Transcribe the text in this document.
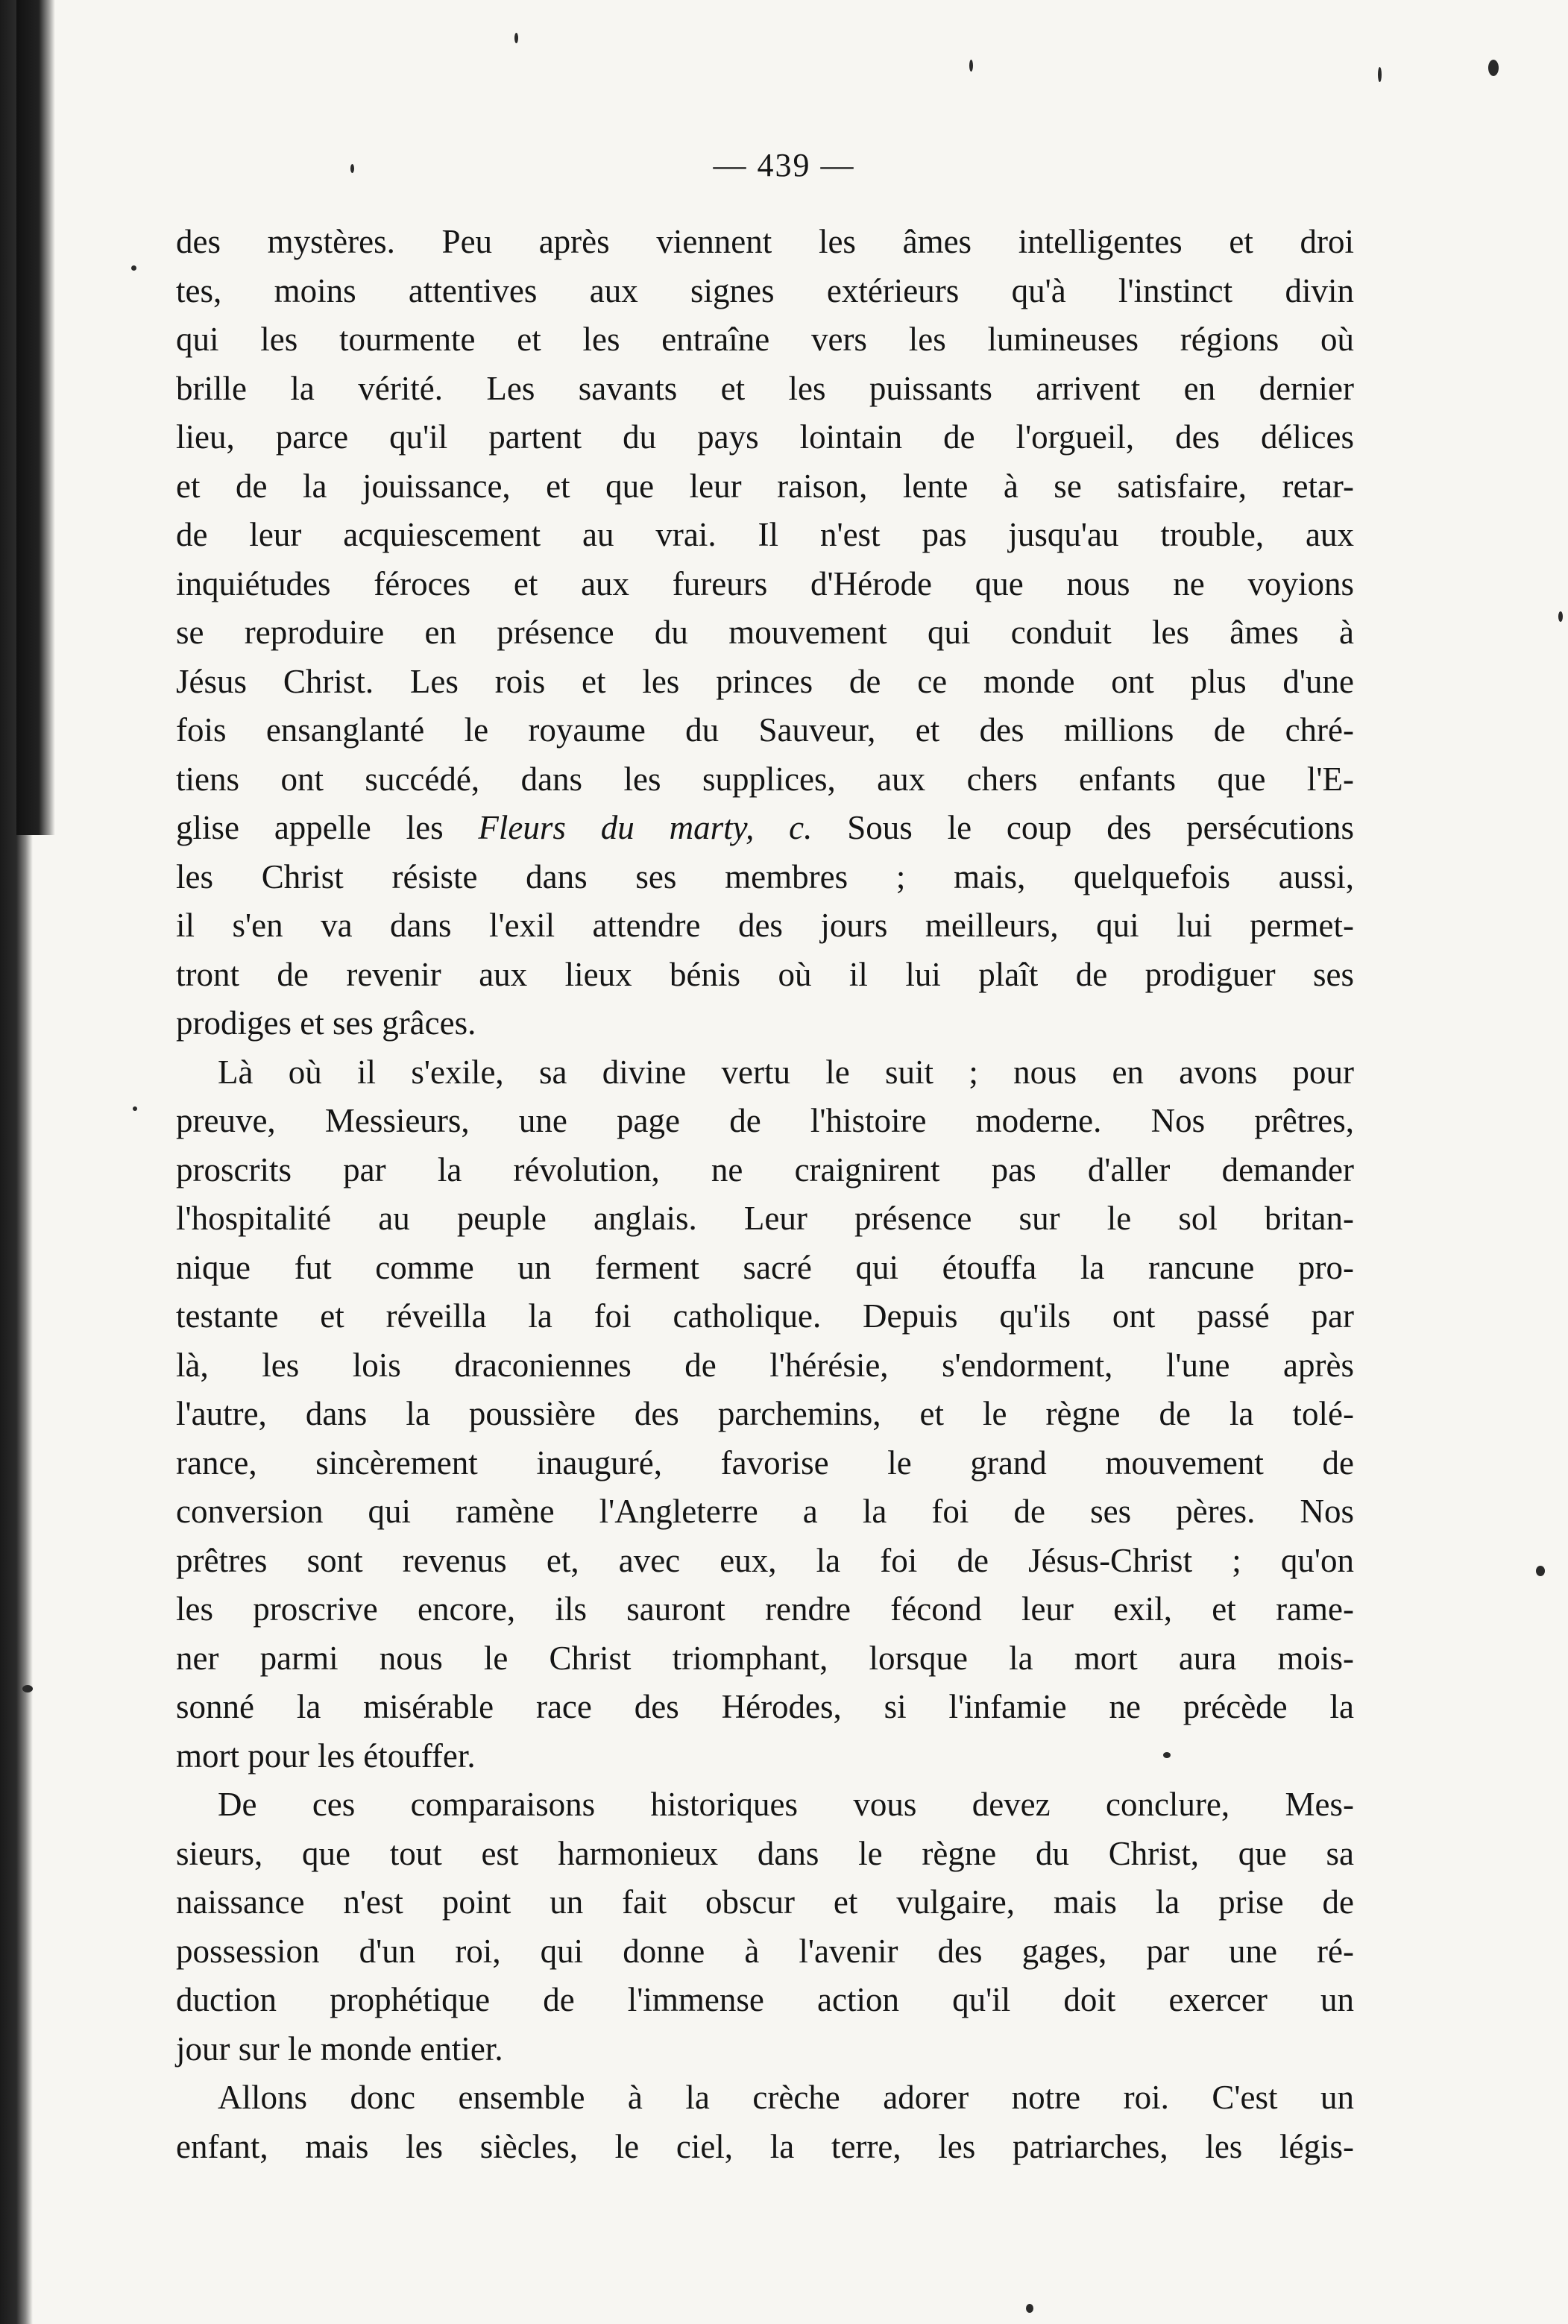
— 439 —
des mystères. Peu après viennent les âmes intelligentes et droi
tes, moins attentives aux signes extérieurs qu'à l'instinct divin
qui les tourmente et les entraîne vers les lumineuses régions où
brille la vérité. Les savants et les puissants arrivent en dernier
lieu, parce qu'il partent du pays lointain de l'orgueil, des délices
et de la jouissance, et que leur raison, lente à se satisfaire, retar-
de leur acquiescement au vrai. Il n'est pas jusqu'au trouble, aux
inquiétudes féroces et aux fureurs d'Hérode que nous ne voyions
se reproduire en présence du mouvement qui conduit les âmes à
Jésus Christ. Les rois et les princes de ce monde ont plus d'une
fois ensanglanté le royaume du Sauveur, et des millions de chré-
tiens ont succédé, dans les supplices, aux chers enfants que l'E-
glise appelle les Fleurs du marty, c. Sous le coup des persécutions
les Christ résiste dans ses membres ; mais, quelquefois aussi,
il s'en va dans l'exil attendre des jours meilleurs, qui lui permet-
tront de revenir aux lieux bénis où il lui plaît de prodiguer ses
prodiges et ses grâces.
Là où il s'exile, sa divine vertu le suit ; nous en avons pour
preuve, Messieurs, une page de l'histoire moderne. Nos prêtres,
proscrits par la révolution, ne craignirent pas d'aller demander
l'hospitalité au peuple anglais. Leur présence sur le sol britan-
nique fut comme un ferment sacré qui étouffa la rancune pro-
testante et réveilla la foi catholique. Depuis qu'ils ont passé par
là, les lois draconiennes de l'hérésie, s'endorment, l'une après
l'autre, dans la poussière des parchemins, et le règne de la tolé-
rance, sincèrement inauguré, favorise le grand mouvement de
conversion qui ramène l'Angleterre a la foi de ses pères. Nos
prêtres sont revenus et, avec eux, la foi de Jésus-Christ ; qu'on
les proscrive encore, ils sauront rendre fécond leur exil, et rame-
ner parmi nous le Christ triomphant, lorsque la mort aura mois-
sonné la misérable race des Hérodes, si l'infamie ne précède la
mort pour les étouffer.
De ces comparaisons historiques vous devez conclure, Mes-
sieurs, que tout est harmonieux dans le règne du Christ, que sa
naissance n'est point un fait obscur et vulgaire, mais la prise de
possession d'un roi, qui donne à l'avenir des gages, par une ré-
duction prophétique de l'immense action qu'il doit exercer un
jour sur le monde entier.
Allons donc ensemble à la crèche adorer notre roi. C'est un
enfant, mais les siècles, le ciel, la terre, les patriarches, les légis-
